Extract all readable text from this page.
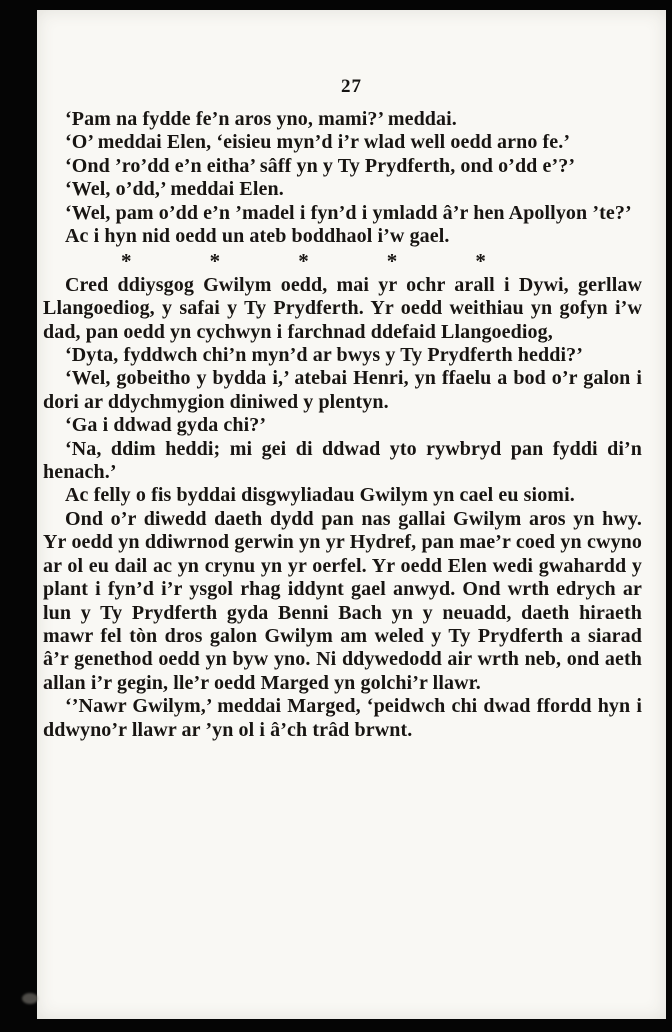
27

‘Pam na fydde fe’n aros yno, mami?’ meddai.

‘O’ meddai Elen, ‘eisieu myn’d i’r wlad well oedd arno fe.’

‘Ond ’ro’dd e’n eitha’ sâff yn y Ty Prydferth, ond o’dd e’?’

‘Wel, o’dd,’ meddai Elen.

‘Wel, pam o’dd e’n ’madel i fyn’d i ymladd â’r hen Apollyon ’te?’

Ac i hyn nid oedd un ateb boddhaol i’w gael.

*	*	*	*	*

Cred ddiysgog Gwilym oedd, mai yr ochr arall i Dywi, gerllaw Llangoediog, y safai y Ty Prydferth. Yr oedd weithiau yn gofyn i’w dad, pan oedd yn cychwyn i farchnad ddefaid Llangoediog,

‘Dyta, fyddwch chi’n myn’d ar bwys y Ty Prydferth heddi?’

‘Wel, gobeitho y bydda i,’ atebai Henri, yn ffaelu a bod o’r galon i dori ar ddychmygion diniwed y plentyn.

‘Ga i ddwad gyda chi?’

‘Na, ddim heddi; mi gei di ddwad yto rywbryd pan fyddi di’n henach.’

Ac felly o fis byddai disgwyliadau Gwilym yn cael eu siomi.

Ond o’r diwedd daeth dydd pan nas gallai Gwilym aros yn hwy. Yr oedd yn ddiwrnod gerwin yn yr Hydref, pan mae’r coed yn cwyno ar ol eu dail ac yn crynu yn yr oerfel. Yr oedd Elen wedi gwahardd y plant i fyn’d i’r ysgol rhag iddynt gael anwyd. Ond wrth edrych ar lun y Ty Prydferth gyda Benni Bach yn y neuadd, daeth hiraeth mawr fel tòn dros galon Gwilym am weled y Ty Prydferth a siarad â’r genethod oedd yn byw yno. Ni ddywedodd air wrth neb, ond aeth allan i’r gegin, lle’r oedd Marged yn golchi’r llawr.

‘’Nawr Gwilym,’ meddai Marged, ‘peidwch chi dwad ffordd hyn i ddwyno’r llawr ar ’yn ol i â’ch trâd brwnt.
